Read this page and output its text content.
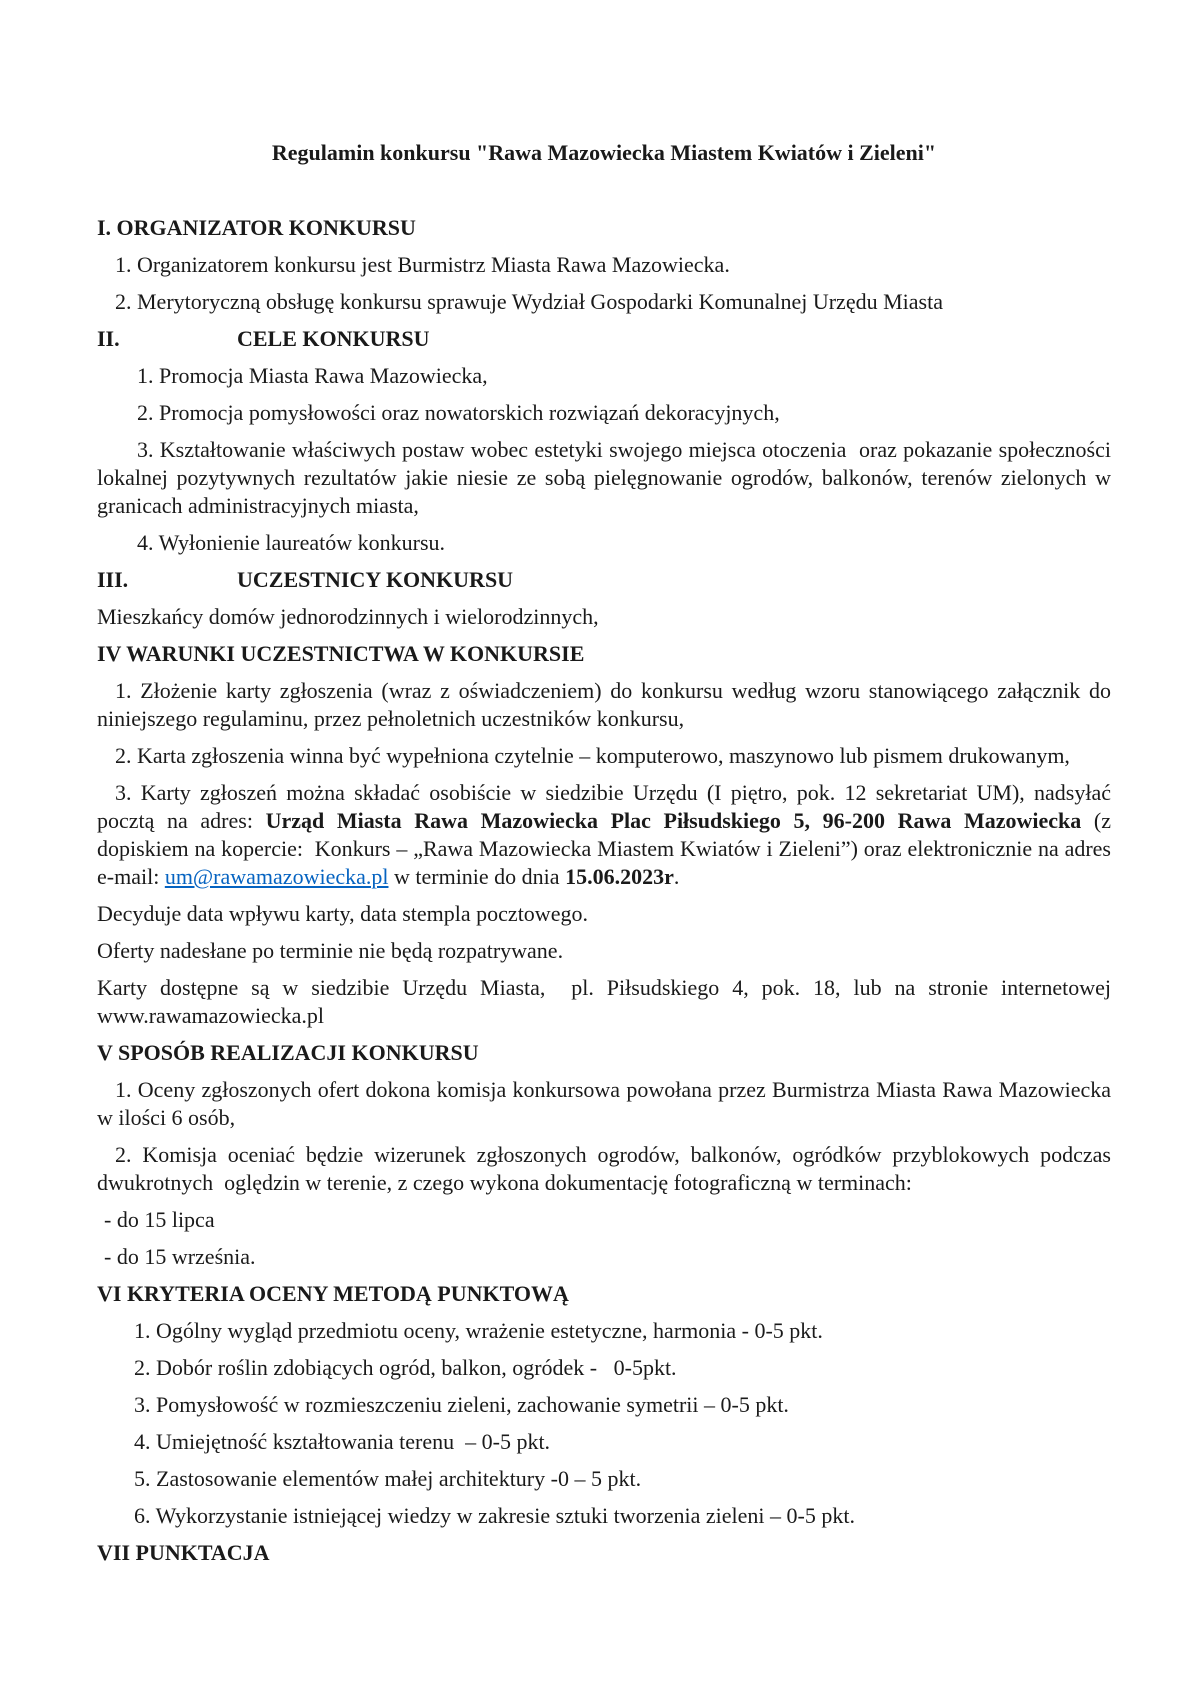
Regulamin konkursu "Rawa Mazowiecka Miastem Kwiatów i Zieleni"
I. ORGANIZATOR KONKURSU

1. Organizatorem konkursu jest Burmistrz Miasta Rawa Mazowiecka.

2. Merytoryczną obsługę konkursu sprawuje Wydział Gospodarki Komunalnej Urzędu Miasta

II.	CELE KONKURSU

1. Promocja Miasta Rawa Mazowiecka,

2. Promocja pomysłowości oraz nowatorskich rozwiązań dekoracyjnych,

3. Kształtowanie właściwych postaw wobec estetyki swojego miejsca otoczenia  oraz pokazanie społeczności lokalnej pozytywnych rezultatów jakie niesie ze sobą pielęgnowanie ogrodów, balkonów, terenów zielonych w granicach administracyjnych miasta,

4. Wyłonienie laureatów konkursu.

III.	UCZESTNICY KONKURSU

Mieszkańcy domów jednorodzinnych i wielorodzinnych,

IV WARUNKI UCZESTNICTWA W KONKURSIE

1. Złożenie karty zgłoszenia (wraz z oświadczeniem) do konkursu według wzoru stanowiącego załącznik do niniejszego regulaminu, przez pełnoletnich uczestników konkursu,

2. Karta zgłoszenia winna być wypełniona czytelnie – komputerowo, maszynowo lub pismem drukowanym,

3. Karty zgłoszeń można składać osobiście w siedzibie Urzędu (I piętro, pok. 12 sekretariat UM), nadsyłać pocztą na adres: Urząd Miasta Rawa Mazowiecka Plac Piłsudskiego 5, 96-200 Rawa Mazowiecka (z dopiskiem na kopercie:  Konkurs – „Rawa Mazowiecka Miastem Kwiatów i Zieleni”) oraz elektronicznie na adres e-mail: um@rawamazowiecka.pl w terminie do dnia 15.06.2023r.

Decyduje data wpływu karty, data stempla pocztowego.

Oferty nadesłane po terminie nie będą rozpatrywane.

Karty dostępne są w siedzibie Urzędu Miasta,  pl. Piłsudskiego 4, pok. 18, lub na stronie internetowej www.rawamazowiecka.pl

V SPOSÓB REALIZACJI KONKURSU

1. Oceny zgłoszonych ofert dokona komisja konkursowa powołana przez Burmistrza Miasta Rawa Mazowiecka w ilości 6 osób,

2. Komisja oceniać będzie wizerunek zgłoszonych ogrodów, balkonów, ogródków przyblokowych podczas dwukrotnych  oględzin w terenie, z czego wykona dokumentację fotograficzną w terminach:

- do 15 lipca

- do 15 września.

VI KRYTERIA OCENY METODĄ PUNKTOWĄ

1. Ogólny wygląd przedmiotu oceny, wrażenie estetyczne, harmonia - 0-5 pkt.

2. Dobór roślin zdobiących ogród, balkon, ogródek -   0-5pkt.

3. Pomysłowość w rozmieszczeniu zieleni, zachowanie symetrii – 0-5 pkt.

4. Umiejętność kształtowania terenu  – 0-5 pkt.

5. Zastosowanie elementów małej architektury -0 – 5 pkt.

6. Wykorzystanie istniejącej wiedzy w zakresie sztuki tworzenia zieleni – 0-5 pkt.

VII PUNKTACJA
